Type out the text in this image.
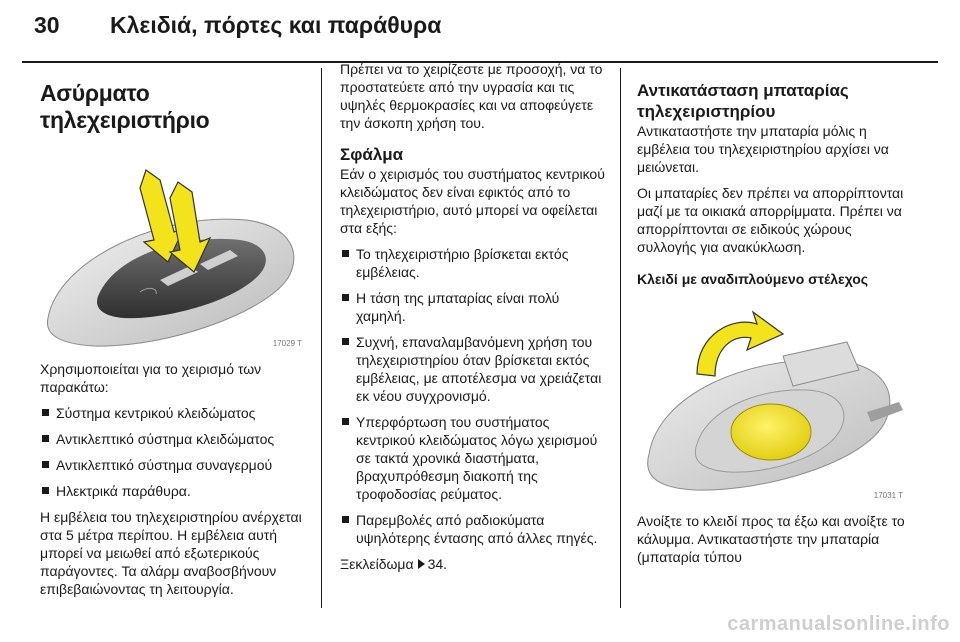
30 Κλειδιά, πόρτες και παράθυρα
Ασύρματο τηλεχειριστήριο
17029 T

Χρησιμοποιείται για το χειρισμό των παρακάτω:

Σύστημα κεντρικού κλειδώματος
Αντικλεπτικό σύστημα κλειδώματος
Αντικλεπτικό σύστημα συναγερμού
Ηλεκτρικά παράθυρα.

Η εμβέλεια του τηλεχειριστηρίου ανέρχεται στα 5 μέτρα περίπου. Η εμβέλεια αυτή μπορεί να μειωθεί από εξωτερικούς παράγοντες. Τα αλάρμ αναβοσβήνουν επιβεβαιώνοντας τη λειτουργία.

Πρέπει να το χειρίζεστε με προσοχή, να το προστατεύετε από την υγρασία και τις υψηλές θερμοκρασίες και να αποφεύγετε την άσκοπη χρήση του.

Σφάλμα

Εάν ο χειρισμός του συστήματος κεντρικού κλειδώματος δεν είναι εφικτός από το τηλεχειριστήριο, αυτό μπορεί να οφείλεται στα εξής:

Το τηλεχειριστήριο βρίσκεται εκτός εμβέλειας.
Η τάση της μπαταρίας είναι πολύ χαμηλή.
Συχνή, επαναλαμβανόμενη χρήση του τηλεχειριστηρίου όταν βρίσκεται εκτός εμβέλειας, με αποτέλεσμα να χρειάζεται εκ νέου συγχρονισμό.
Υπερφόρτωση του συστήματος κεντρικού κλειδώματος λόγω χειρισμού σε τακτά χρονικά διαστήματα, βραχυπρόθεσμη διακοπή της τροφοδοσίας ρεύματος.
Παρεμβολές από ραδιοκύματα υψηλότερης έντασης από άλλες πηγές.

Ξεκλείδωμα 34.

Αντικατάσταση μπαταρίας τηλεχειριστηρίου

Αντικαταστήστε την μπαταρία μόλις η εμβέλεια του τηλεχειριστηρίου αρχίσει να μειώνεται.

Οι μπαταρίες δεν πρέπει να απορρίπτονται μαζί με τα οικιακά απορρίμματα. Πρέπει να απορρίπτονται σε ειδικούς χώρους συλλογής για ανακύκλωση.

Κλειδί με αναδιπλούμενο στέλεχος
17031 T

Ανοίξτε το κλειδί προς τα έξω και ανοίξτε το κάλυμμα. Αντικαταστήστε την μπαταρία (μπαταρία τύπου

carmanualsonline.info
